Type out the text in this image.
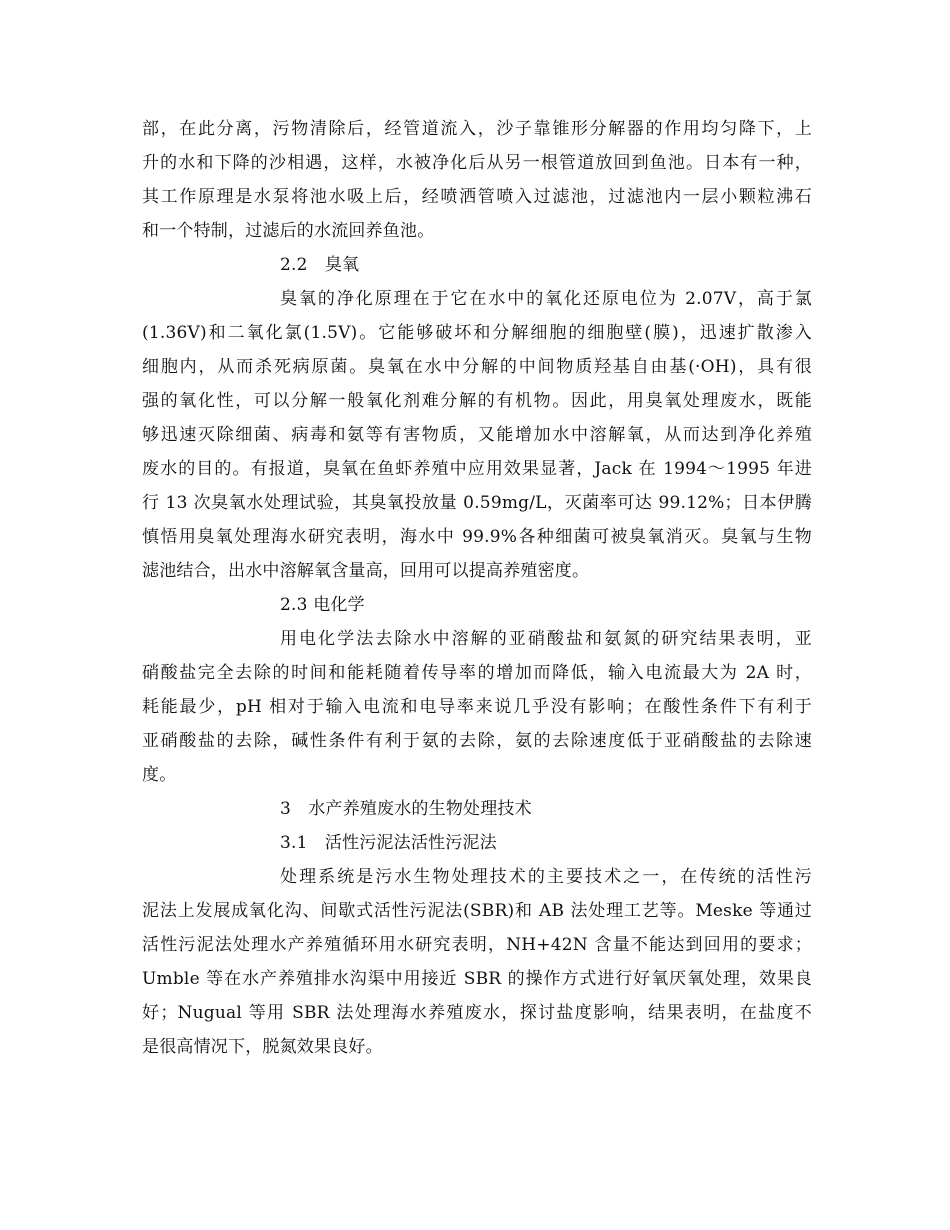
部，在此分离，污物清除后，经管道流入，沙子靠锥形分解器的作用均匀降下，上
升的水和下降的沙相遇，这样，水被净化后从另一根管道放回到鱼池。日本有一种，
其工作原理是水泵将池水吸上后，经喷洒管喷入过滤池，过滤池内一层小颗粒沸石
和一个特制，过滤后的水流回养鱼池。
2.2　臭氧
臭氧的净化原理在于它在水中的氧化还原电位为 2.07V，高于氯
(1.36V)和二氧化氯(1.5V)。它能够破坏和分解细胞的细胞壁(膜)，迅速扩散渗入
细胞内，从而杀死病原菌。臭氧在水中分解的中间物质羟基自由基(·OH)，具有很
强的氧化性，可以分解一般氧化剂难分解的有机物。因此，用臭氧处理废水，既能
够迅速灭除细菌、病毒和氨等有害物质，又能增加水中溶解氧，从而达到净化养殖
废水的目的。有报道，臭氧在鱼虾养殖中应用效果显著，Jack 在 1994～1995 年进
行 13 次臭氧水处理试验，其臭氧投放量 0.59mg/L，灭菌率可达 99.12%；日本伊腾
慎悟用臭氧处理海水研究表明，海水中 99.9%各种细菌可被臭氧消灭。臭氧与生物
滤池结合，出水中溶解氧含量高，回用可以提高养殖密度。
2.3 电化学
用电化学法去除水中溶解的亚硝酸盐和氨氮的研究结果表明，亚
硝酸盐完全去除的时间和能耗随着传导率的增加而降低，输入电流最大为 2A 时，
耗能最少，pH 相对于输入电流和电导率来说几乎没有影响；在酸性条件下有利于
亚硝酸盐的去除，碱性条件有利于氨的去除，氨的去除速度低于亚硝酸盐的去除速
度。
3　水产养殖废水的生物处理技术
3.1　活性污泥法活性污泥法
处理系统是污水生物处理技术的主要技术之一，在传统的活性污
泥法上发展成氧化沟、间歇式活性污泥法(SBR)和 AB 法处理工艺等。Meske 等通过
活性污泥法处理水产养殖循环用水研究表明，NH+42N 含量不能达到回用的要求；
Umble 等在水产养殖排水沟渠中用接近 SBR 的操作方式进行好氧厌氧处理，效果良
好；Nugual 等用 SBR 法处理海水养殖废水，探讨盐度影响，结果表明，在盐度不
是很高情况下，脱氮效果良好。
